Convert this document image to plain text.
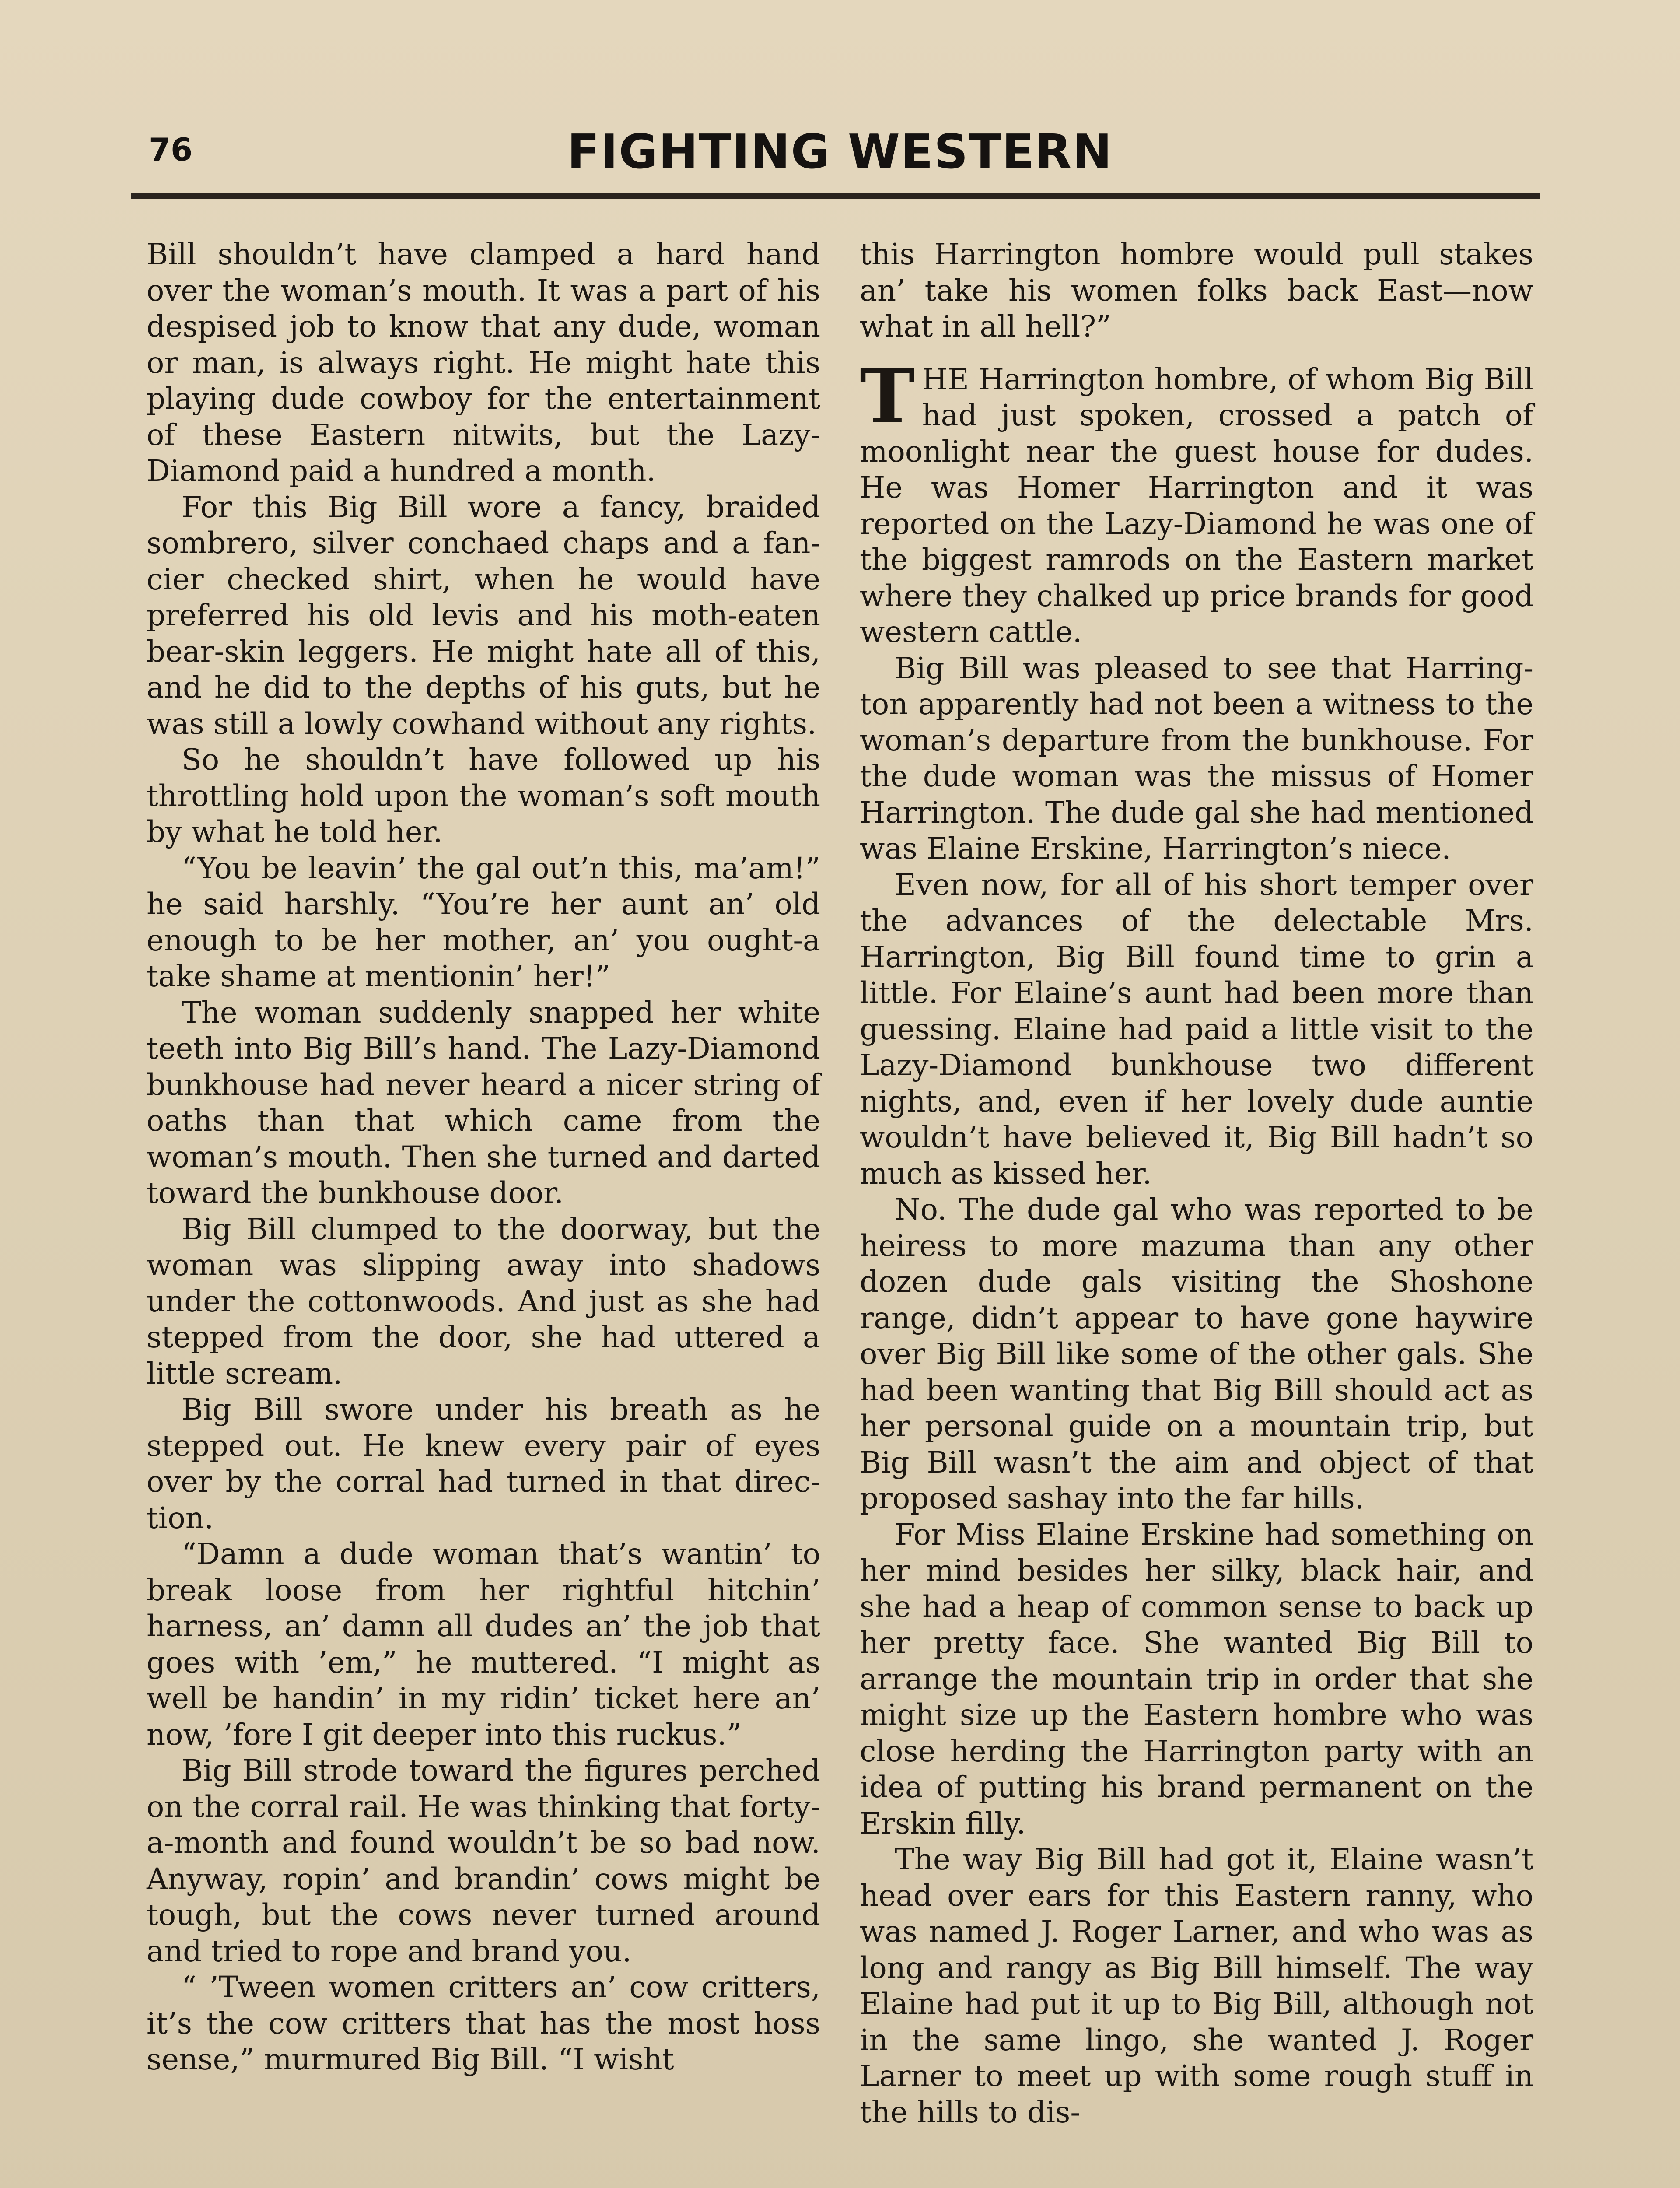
76	FIGHTING WESTERN

Bill shouldn’t have clamped a hard hand over the woman’s mouth. It was a part of his despised job to know that any dude, woman or man, is always right. He might hate this playing dude cowboy for the entertainment of these Eastern nitwits, but the Lazy-Diamond paid a hundred a month.

For this Big Bill wore a fancy, braided sombrero, silver conchaed chaps and a fancier checked shirt, when he would have preferred his old levis and his moth-eaten bear-skin leggers. He might hate all of this, and he did to the depths of his guts, but he was still a lowly cowhand without any rights.

So he shouldn’t have followed up his throttling hold upon the woman’s soft mouth by what he told her.

“You be leavin’ the gal out’n this, ma’am!” he said harshly. “You’re her aunt an’ old enough to be her mother, an’ you ought-a take shame at mentionin’ her!”

The woman suddenly snapped her white teeth into Big Bill’s hand. The Lazy-Diamond bunkhouse had never heard a nicer string of oaths than that which came from the woman’s mouth. Then she turned and darted toward the bunkhouse door.

Big Bill clumped to the doorway, but the woman was slipping away into shadows under the cottonwoods. And just as she had stepped from the door, she had uttered a little scream.

Big Bill swore under his breath as he stepped out. He knew every pair of eyes over by the corral had turned in that direction.

“Damn a dude woman that’s wantin’ to break loose from her rightful hitchin’ harness, an’ damn all dudes an’ the job that goes with ’em,” he muttered. “I might as well be handin’ in my ridin’ ticket here an’ now, ’fore I git deeper into this ruckus.”

Big Bill strode toward the figures perched on the corral rail. He was thinking that forty-a-month and found wouldn’t be so bad now. Anyway, ropin’ and brandin’ cows might be tough, but the cows never turned around and tried to rope and brand you.

“ ’Tween women critters an’ cow critters, it’s the cow critters that has the most hoss sense,” murmured Big Bill. “I wisht

this Harrington hombre would pull stakes an’ take his women folks back East—now what in all hell?”

THE Harrington hombre, of whom Big Bill had just spoken, crossed a patch of moonlight near the guest house for dudes. He was Homer Harrington and it was reported on the Lazy-Diamond he was one of the biggest ramrods on the Eastern market where they chalked up price brands for good western cattle.

Big Bill was pleased to see that Harrington apparently had not been a witness to the woman’s departure from the bunkhouse. For the dude woman was the missus of Homer Harrington. The dude gal she had mentioned was Elaine Erskine, Harrington’s niece.

Even now, for all of his short temper over the advances of the delectable Mrs. Harrington, Big Bill found time to grin a little. For Elaine’s aunt had been more than guessing. Elaine had paid a little visit to the Lazy-Diamond bunkhouse two different nights, and, even if her lovely dude auntie wouldn’t have believed it, Big Bill hadn’t so much as kissed her.

No. The dude gal who was reported to be heiress to more mazuma than any other dozen dude gals visiting the Shoshone range, didn’t appear to have gone haywire over Big Bill like some of the other gals. She had been wanting that Big Bill should act as her personal guide on a mountain trip, but Big Bill wasn’t the aim and object of that proposed sashay into the far hills.

For Miss Elaine Erskine had something on her mind besides her silky, black hair, and she had a heap of common sense to back up her pretty face. She wanted Big Bill to arrange the mountain trip in order that she might size up the Eastern hombre who was close herding the Harrington party with an idea of putting his brand permanent on the Erskin filly.

The way Big Bill had got it, Elaine wasn’t head over ears for this Eastern ranny, who was named J. Roger Larner, and who was as long and rangy as Big Bill himself. The way Elaine had put it up to Big Bill, although not in the same lingo, she wanted J. Roger Larner to meet up with some rough stuff in the hills to dis-
